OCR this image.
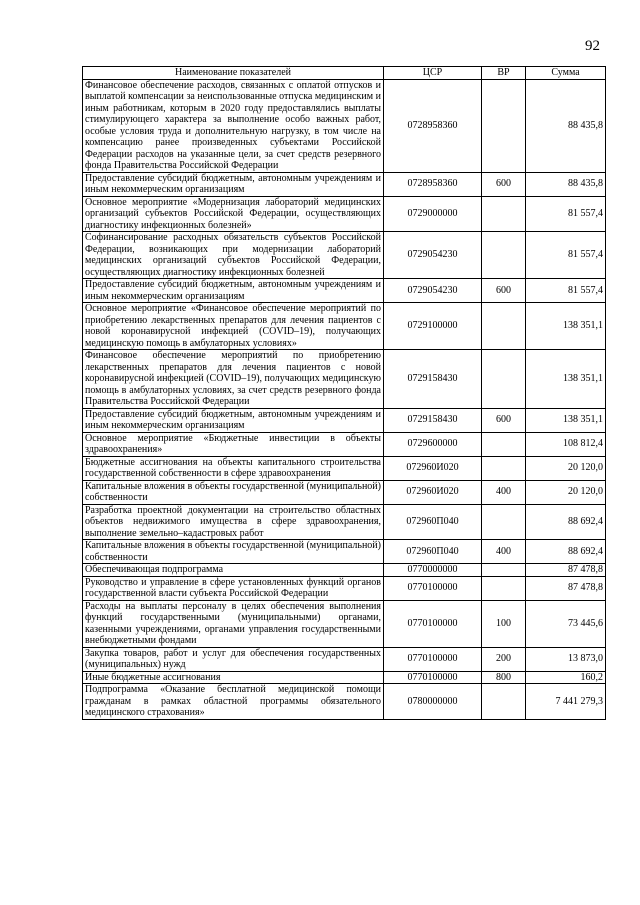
92
Наименование показателей	ЦСР	ВР	Сумма
Финансовое обеспечение расходов, связанных с оплатой отпусков и выплатой компенсации за неиспользованные отпуска медицинским и иным работникам, которым в 2020 году предоставлялись выплаты стимулирующего характера за выполнение особо важных работ, особые условия труда и дополнительную нагрузку, в том числе на компенсацию ранее произведенных субъектами Российской Федерации расходов на указанные цели, за счет средств резервного фонда Правительства Российской Федерации	0728958360		88 435,8
Предоставление субсидий бюджетным, автономным учреждениям и иным некоммерческим организациям	0728958360	600	88 435,8
Основное мероприятие «Модернизация лабораторий медицинских организаций субъектов Российской Федерации, осуществляющих диагностику инфекционных болезней»	0729000000		81 557,4
Софинансирование расходных обязательств субъектов Российской Федерации, возникающих при модернизации лабораторий медицинских организаций субъектов Российской Федерации, осуществляющих диагностику инфекционных болезней	0729054230		81 557,4
Предоставление субсидий бюджетным, автономным учреждениям и иным некоммерческим организациям	0729054230	600	81 557,4
Основное мероприятие «Финансовое обеспечение мероприятий по приобретению лекарственных препаратов для лечения пациентов с новой коронавирусной инфекцией (COVID–19), получающих медицинскую помощь в амбулаторных условиях»	0729100000		138 351,1
Финансовое обеспечение мероприятий по приобретению лекарственных препаратов для лечения пациентов с новой коронавирусной инфекцией (COVID–19), получающих медицинскую помощь в амбулаторных условиях, за счет средств резервного фонда Правительства Российской Федерации	0729158430		138 351,1
Предоставление субсидий бюджетным, автономным учреждениям и иным некоммерческим организациям	0729158430	600	138 351,1
Основное мероприятие «Бюджетные инвестиции в объекты здравоохранения»	0729600000		108 812,4
Бюджетные ассигнования на объекты капитального строительства государственной собственности в сфере здравоохранения	072960И020		20 120,0
Капитальные вложения в объекты государственной (муниципальной) собственности	072960И020	400	20 120,0
Разработка проектной документации на строительство областных объектов недвижимого имущества в сфере здравоохранения, выполнение земельно–кадастровых работ	072960П040		88 692,4
Капитальные вложения в объекты государственной (муниципальной) собственности	072960П040	400	88 692,4
Обеспечивающая подпрограмма	0770000000		87 478,8
Руководство и управление в сфере установленных функций органов государственной власти субъекта Российской Федерации	0770100000		87 478,8
Расходы на выплаты персоналу в целях обеспечения выполнения функций государственными (муниципальными) органами, казенными учреждениями, органами управления государственными внебюджетными фондами	0770100000	100	73 445,6
Закупка товаров, работ и услуг для обеспечения государственных (муниципальных) нужд	0770100000	200	13 873,0
Иные бюджетные ассигнования	0770100000	800	160,2
Подпрограмма «Оказание бесплатной медицинской помощи гражданам в рамках областной программы обязательного медицинского страхования»	0780000000		7 441 279,3
